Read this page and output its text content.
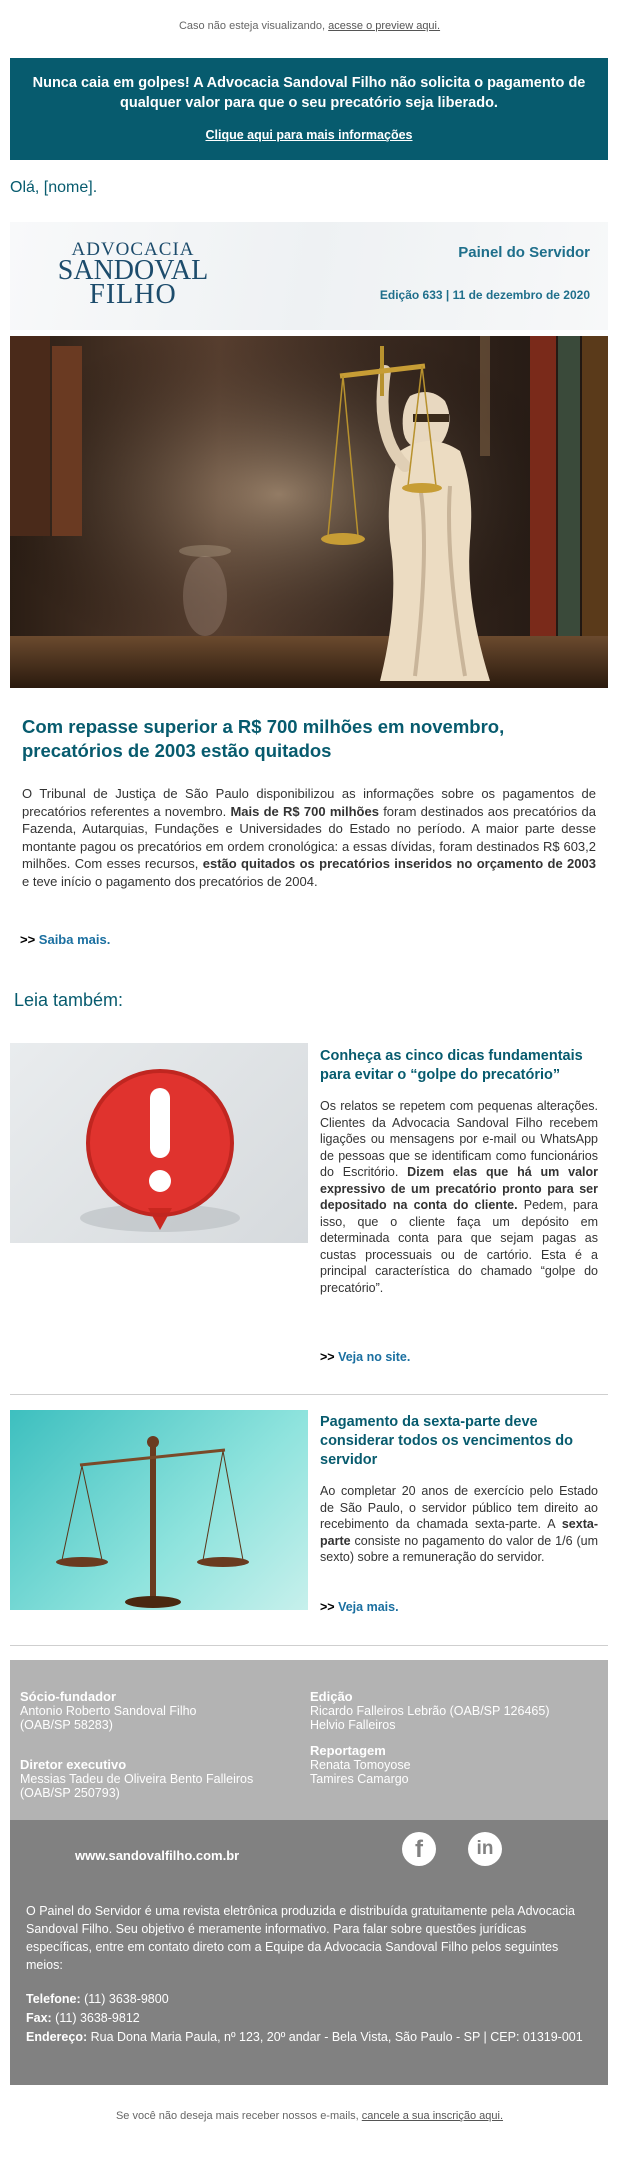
Caso não esteja visualizando, acesse o preview aqui.
Nunca caia em golpes! A Advocacia Sandoval Filho não solicita o pagamento de qualquer valor para que o seu precatório seja liberado.
Clique aqui para mais informações
Olá, [nome].
ADVOCACIA
SANDOVAL
FILHO
Painel do Servidor
Edição 633 | 11 de dezembro de 2020
Com repasse superior a R$ 700 milhões em novembro, precatórios de 2003 estão quitados
O Tribunal de Justiça de São Paulo disponibilizou as informações sobre os pagamentos de precatórios referentes a novembro. Mais de R$ 700 milhões foram destinados aos precatórios da Fazenda, Autarquias, Fundações e Universidades do Estado no período. A maior parte desse montante pagou os precatórios em ordem cronológica: a essas dívidas, foram destinados R$ 603,2 milhões. Com esses recursos, estão quitados os precatórios inseridos no orçamento de 2003 e teve início o pagamento dos precatórios de 2004.
>> Saiba mais.
Leia também:
Conheça as cinco dicas fundamentais para evitar o “golpe do precatório”
Os relatos se repetem com pequenas alterações. Clientes da Advocacia Sandoval Filho recebem ligações ou mensagens por e-mail ou WhatsApp de pessoas que se identificam como funcionários do Escritório. Dizem elas que há um valor expressivo de um precatório pronto para ser depositado na conta do cliente. Pedem, para isso, que o cliente faça um depósito em determinada conta para que sejam pagas as custas processuais ou de cartório. Esta é a principal característica do chamado “golpe do precatório”.
>> Veja no site.
Pagamento da sexta-parte deve considerar todos os vencimentos do servidor
Ao completar 20 anos de exercício pelo Estado de São Paulo, o servidor público tem direito ao recebimento da chamada sexta-parte. A sexta-parte consiste no pagamento do valor de 1/6 (um sexto) sobre a remuneração do servidor.
>> Veja mais.
Sócio-fundador
Antonio Roberto Sandoval Filho
(OAB/SP 58283)
Diretor executivo
Messias Tadeu de Oliveira Bento Falleiros
(OAB/SP 250793)
Edição
Ricardo Falleiros Lebrão (OAB/SP 126465)
Helvio Falleiros
Reportagem
Renata Tomoyose
Tamires Camargo
www.sandovalfilho.com.br	f	in
O Painel do Servidor é uma revista eletrônica produzida e distribuída gratuitamente pela Advocacia Sandoval Filho. Seu objetivo é meramente informativo. Para falar sobre questões jurídicas específicas, entre em contato direto com a Equipe da Advocacia Sandoval Filho pelos seguintes meios:
Telefone: (11) 3638-9800
Fax: (11) 3638-9812
Endereço: Rua Dona Maria Paula, nº 123, 20º andar - Bela Vista, São Paulo - SP | CEP: 01319-001
Se você não deseja mais receber nossos e-mails, cancele a sua inscrição aqui.
